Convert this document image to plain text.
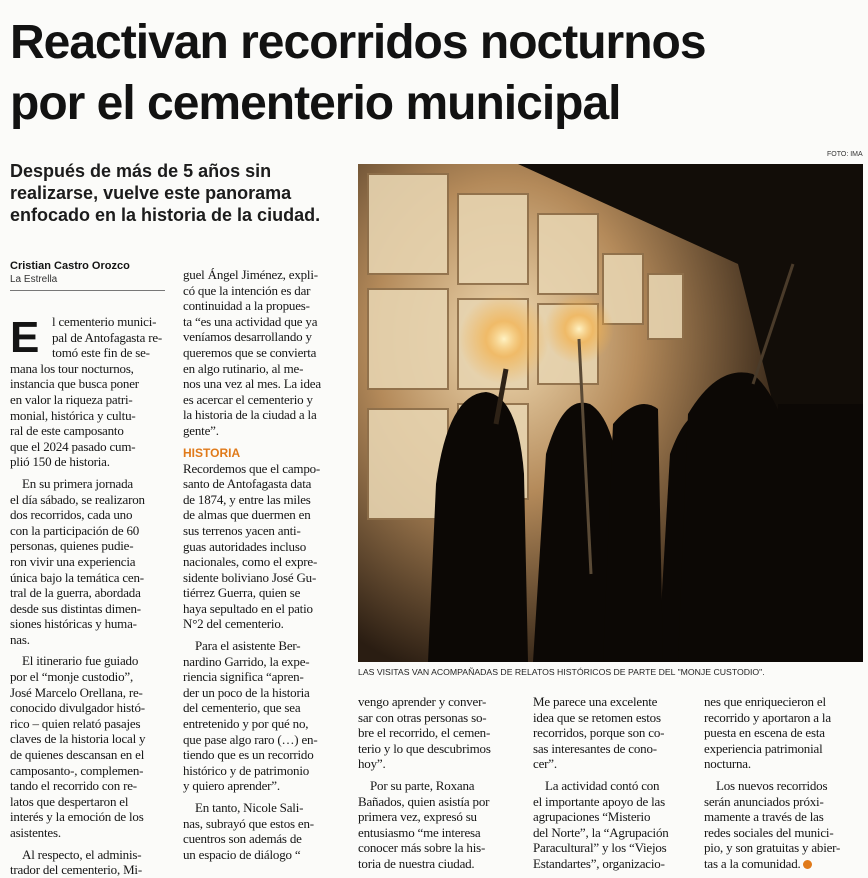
Reactivan recorridos nocturnos
por el cementerio municipal
FOTO: IMA
Después de más de 5 años sin
realizarse, vuelve este panorama
enfocado en la historia de la ciudad.
Cristian Castro Orozco
La Estrella
E l cementerio munici-
pal de Antofagasta re-
tomó este fin de se-
mana los tour nocturnos,
instancia que busca poner
en valor la riqueza patri-
monial, histórica y cultu-
ral de este camposanto
que el 2024 pasado cum-
plió 150 de historia.
En su primera jornada
el día sábado, se realizaron
dos recorridos, cada uno
con la participación de 60
personas, quienes pudie-
ron vivir una experiencia
única bajo la temática cen-
tral de la guerra, abordada
desde sus distintas dimen-
siones históricas y huma-
nas.
El itinerario fue guiado
por el “monje custodio”,
José Marcelo Orellana, re-
conocido divulgador histó-
rico – quien relató pasajes
claves de la historia local y
de quienes descansan en el
camposanto-, complemen-
tando el recorrido con re-
latos que despertaron el
interés y la emoción de los
asistentes.
Al respecto, el adminis-
trador del cementerio, Mi-
guel Ángel Jiménez, expli-
có que la intención es dar
continuidad a la propues-
ta “es una actividad que ya
veníamos desarrollando y
queremos que se convierta
en algo rutinario, al me-
nos una vez al mes. La idea
es acercar el cementerio y
la historia de la ciudad a la
gente”.
HISTORIA
Recordemos que el campo-
santo de Antofagasta data
de 1874, y entre las miles
de almas que duermen en
sus terrenos yacen anti-
guas autoridades incluso
nacionales, como el expre-
sidente boliviano José Gu-
tiérrez Guerra, quien se
haya sepultado en el patio
N°2 del cementerio.
Para el asistente Ber-
nardino Garrido, la expe-
riencia significa “apren-
der un poco de la historia
del cementerio, que sea
entretenido y por qué no,
que pase algo raro (…) en-
tiendo que es un recorrido
histórico y de patrimonio
y quiero aprender”.
En tanto, Nicole Sali-
nas, subrayó que estos en-
cuentros son además de
un espacio de diálogo “
vengo aprender y conver-
sar con otras personas so-
bre el recorrido, el cemen-
terio y lo que descubrimos
hoy”.
Por su parte, Roxana
Bañados, quien asistía por
primera vez, expresó su
entusiasmo “me interesa
conocer más sobre la his-
toria de nuestra ciudad.
Me parece una excelente
idea que se retomen estos
recorridos, porque son co-
sas interesantes de cono-
cer”.
La actividad contó con
el importante apoyo de las
agrupaciones “Misterio
del Norte”, la “Agrupación
Paracultural” y los “Viejos
Estandartes”, organizacio-
nes que enriquecieron el
recorrido y aportaron a la
puesta en escena de esta
experiencia patrimonial
nocturna.
Los nuevos recorridos
serán anunciados próxi-
mamente a través de las
redes sociales del munici-
pio, y son gratuitas y abier-
tas a la comunidad.
LAS VISITAS VAN ACOMPAÑADAS DE RELATOS HISTÓRICOS DE PARTE DEL "MONJE CUSTODIO".
